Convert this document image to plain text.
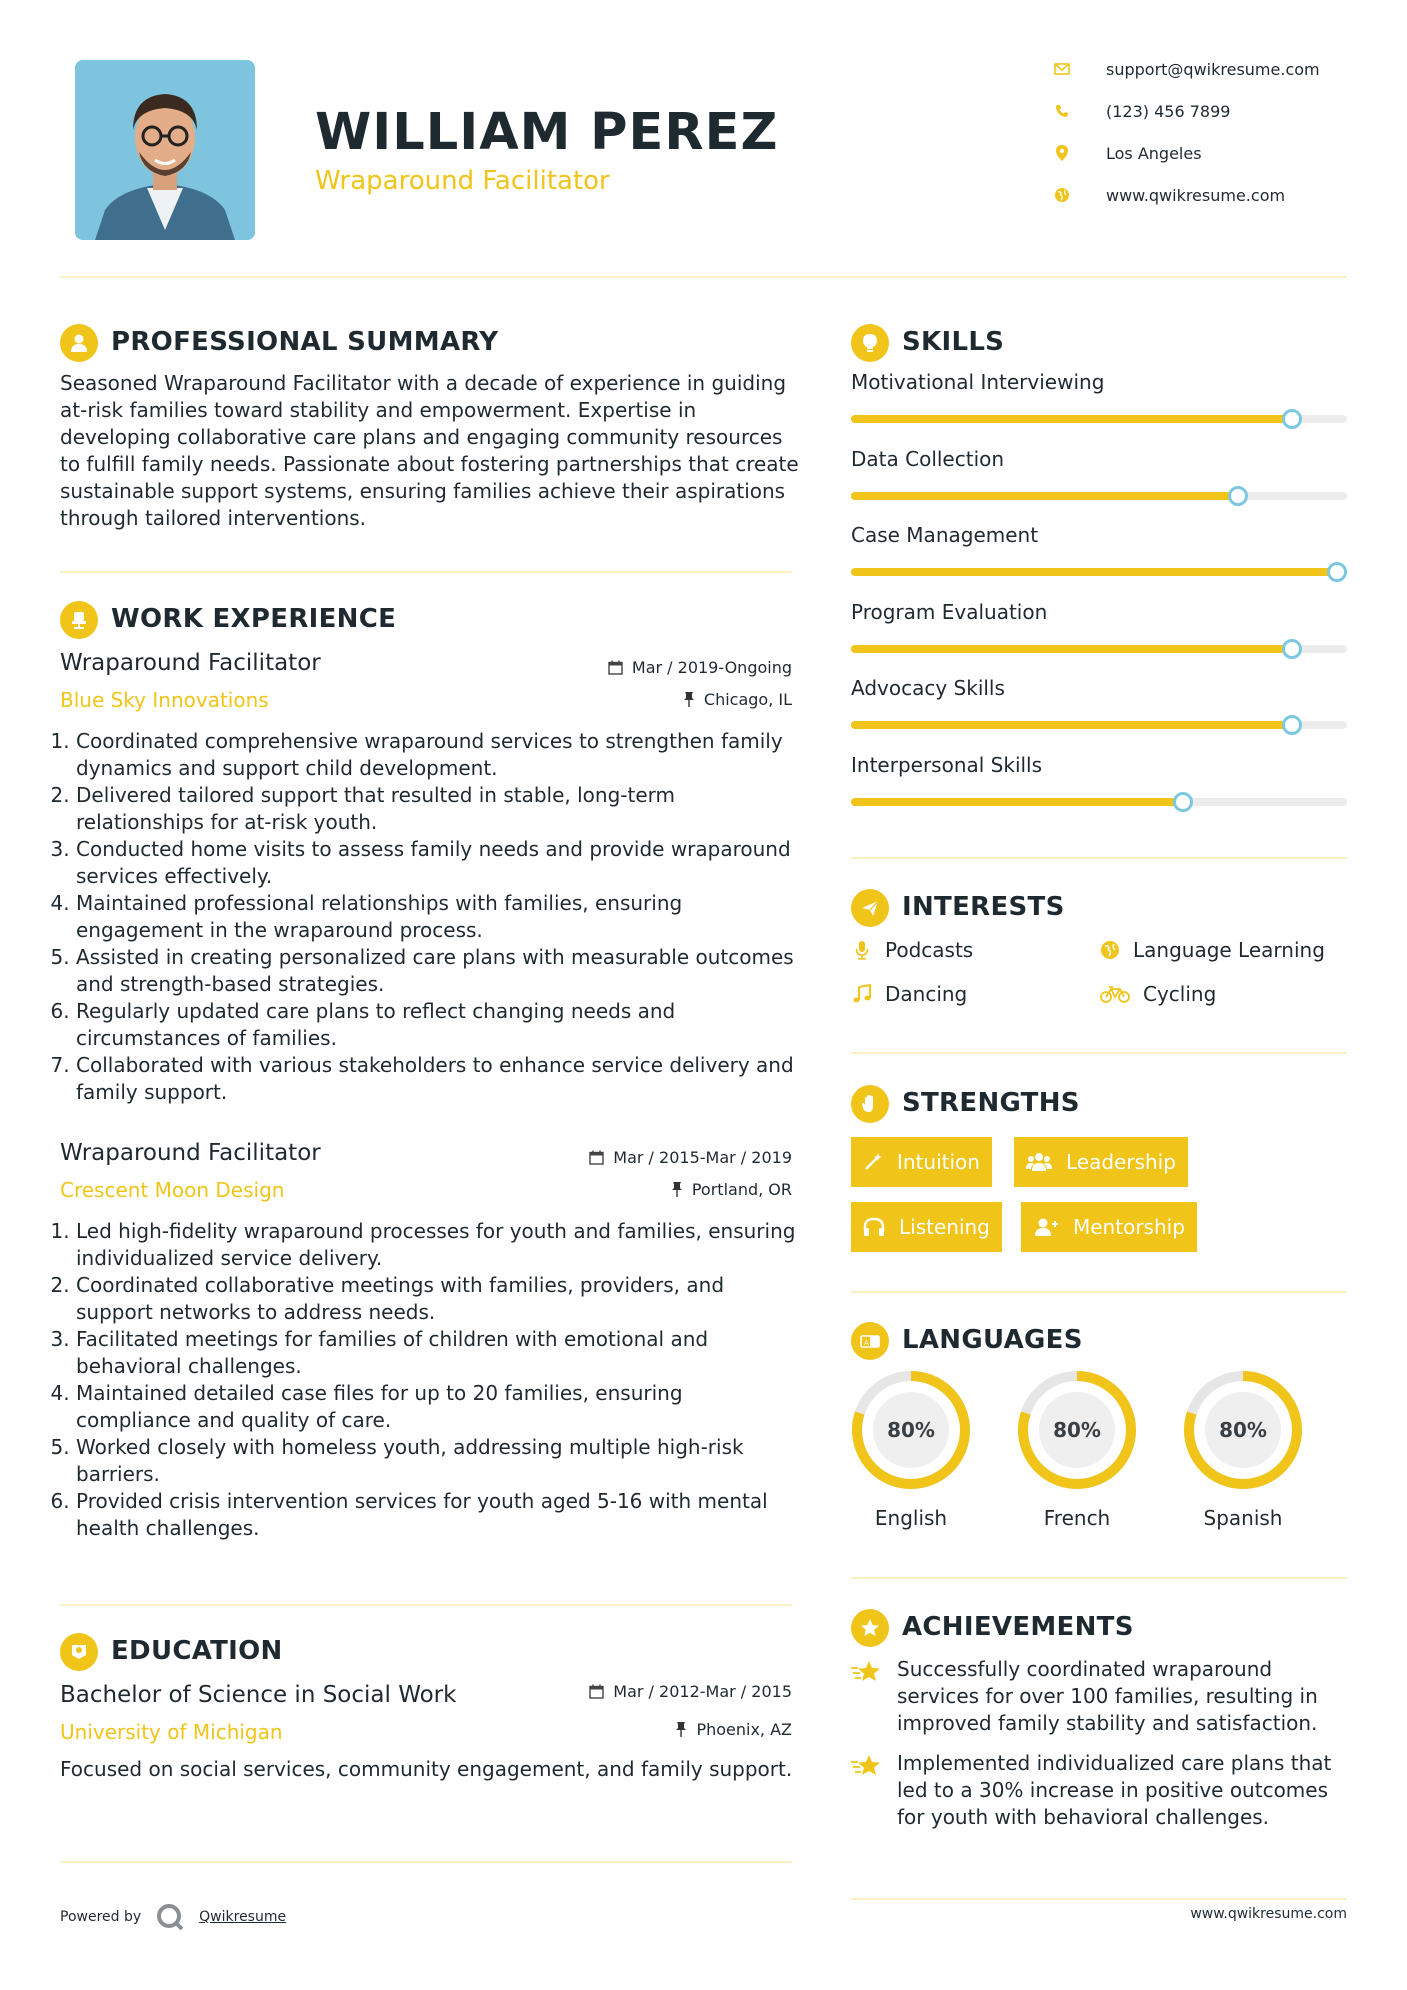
WILLIAM PEREZ
Wraparound Facilitator
support@qwikresume.com
(123) 456 7899
Los Angeles
www.qwikresume.com
PROFESSIONAL SUMMARY
Seasoned Wraparound Facilitator with a decade of experience in guiding at-risk families toward stability and empowerment. Expertise in developing collaborative care plans and engaging community resources to fulfill family needs. Passionate about fostering partnerships that create sustainable support systems, ensuring families achieve their aspirations through tailored interventions.
WORK EXPERIENCE
Wraparound Facilitator	Mar / 2019-Ongoing
Blue Sky Innovations	Chicago, IL
1. Coordinated comprehensive wraparound services to strengthen family dynamics and support child development.
2. Delivered tailored support that resulted in stable, long-term relationships for at-risk youth.
3. Conducted home visits to assess family needs and provide wraparound services effectively.
4. Maintained professional relationships with families, ensuring engagement in the wraparound process.
5. Assisted in creating personalized care plans with measurable outcomes and strength-based strategies.
6. Regularly updated care plans to reflect changing needs and circumstances of families.
7. Collaborated with various stakeholders to enhance service delivery and family support.
Wraparound Facilitator	Mar / 2015-Mar / 2019
Crescent Moon Design	Portland, OR
1. Led high-fidelity wraparound processes for youth and families, ensuring individualized service delivery.
2. Coordinated collaborative meetings with families, providers, and support networks to address needs.
3. Facilitated meetings for families of children with emotional and behavioral challenges.
4. Maintained detailed case files for up to 20 families, ensuring compliance and quality of care.
5. Worked closely with homeless youth, addressing multiple high-risk barriers.
6. Provided crisis intervention services for youth aged 5-16 with mental health challenges.
EDUCATION
Bachelor of Science in Social Work	Mar / 2012-Mar / 2015
University of Michigan	Phoenix, AZ
Focused on social services, community engagement, and family support.
SKILLS
Motivational Interviewing
Data Collection
Case Management
Program Evaluation
Advocacy Skills
Interpersonal Skills
INTERESTS
Podcasts	Language Learning
Dancing	Cycling
STRENGTHS
Intuition	Leadership
Listening	Mentorship
A LANGUAGES
80%
English
80%
French
80%
Spanish
ACHIEVEMENTS
Successfully coordinated wraparound services for over 100 families, resulting in improved family stability and satisfaction.
Implemented individualized care plans that led to a 30% increase in positive outcomes for youth with behavioral challenges.
Powered by	Qwikresume	www.qwikresume.com
